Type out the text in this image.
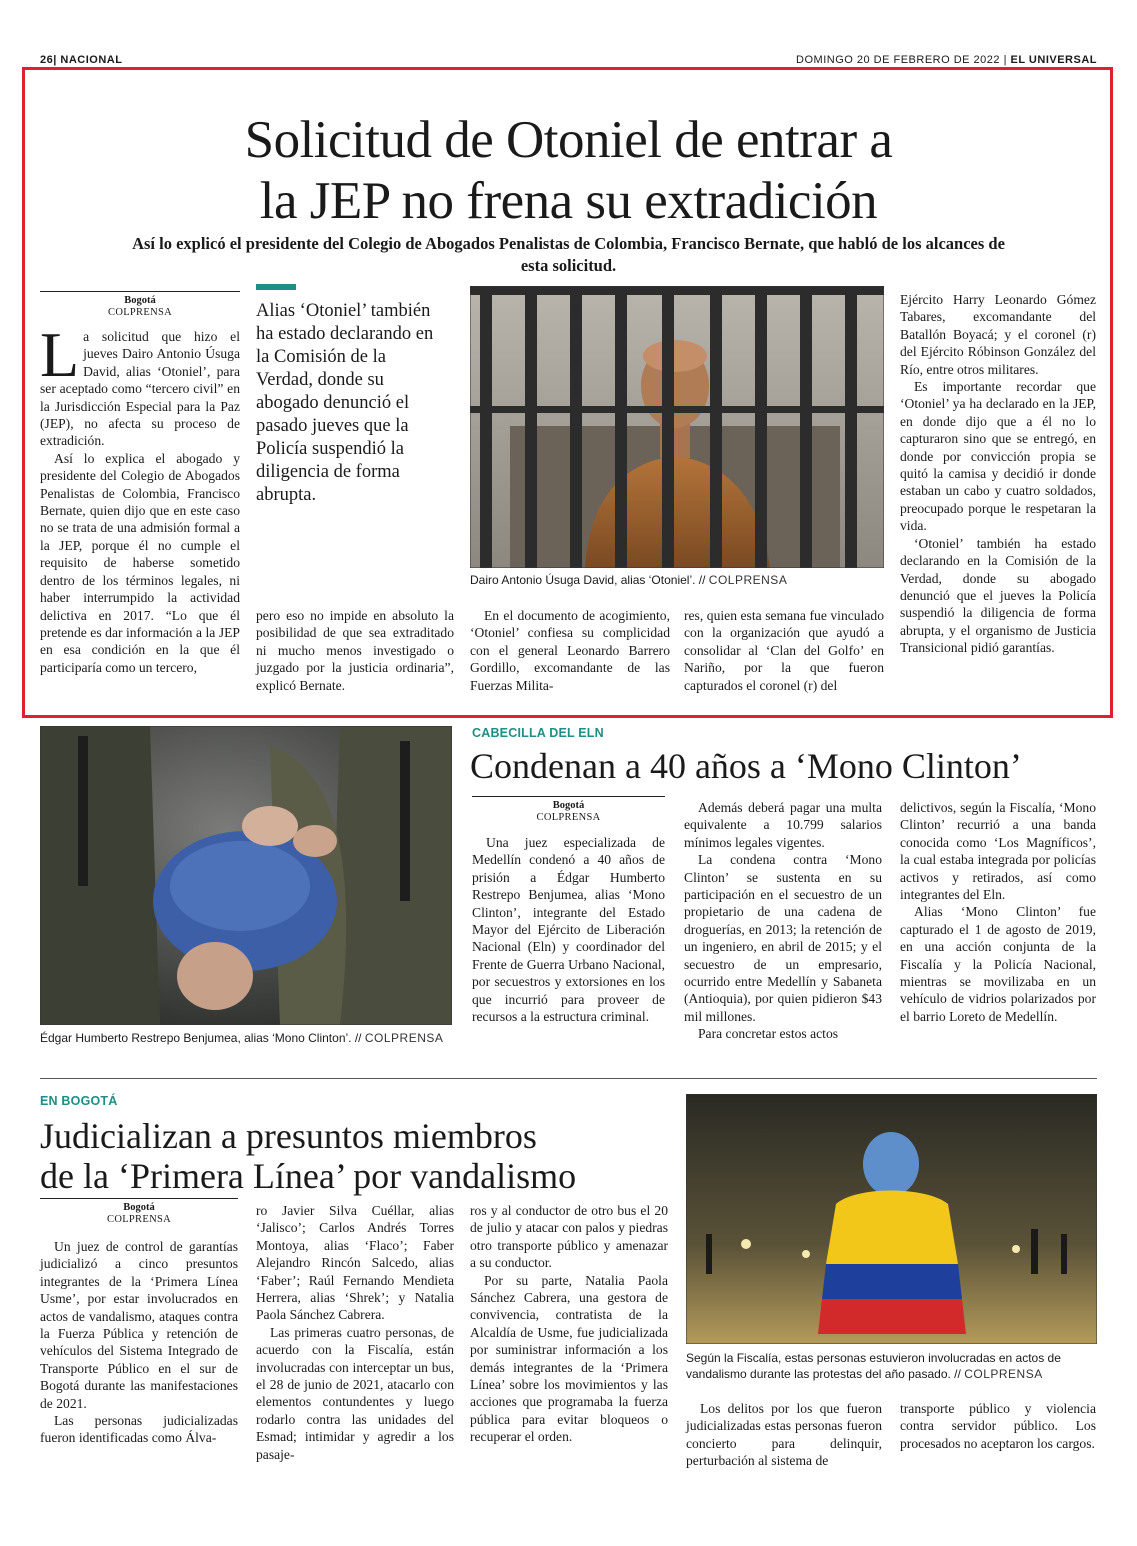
26| NACIONAL	DOMINGO 20 DE FEBRERO DE 2022 | EL UNIVERSAL
Solicitud de Otoniel de entrar a
la JEP no frena su extradición
Así lo explicó el presidente del Colegio de Abogados Penalistas de Colombia, Francisco Bernate, que habló de los alcances de esta solicitud.
Bogotá
COLPRENSA

La solicitud que hizo el jueves Dairo Antonio Úsuga David, alias ‘Otoniel’, para ser aceptado como “tercero civil” en la Jurisdicción Especial para la Paz (JEP), no afecta su proceso de extradición.

Así lo explica el abogado y presidente del Colegio de Abogados Penalistas de Colombia, Francisco Bernate, quien dijo que en este caso no se trata de una admisión formal a la JEP, porque él no cumple el requisito de haberse sometido dentro de los términos legales, ni haber interrumpido la actividad delictiva en 2017. “Lo que él pretende es dar información a la JEP en esa condición en la que él participaría como un tercero,

Alias ‘Otoniel’ también ha estado declarando en la Comisión de la Verdad, donde su abogado denunció el pasado jueves que la Policía suspendió la diligencia de forma abrupta.

pero eso no impide en absoluto la posibilidad de que sea extraditado ni mucho menos investigado o juzgado por la justicia ordinaria”, explicó Bernate.

Dairo Antonio Úsuga David, alias ‘Otoniel’. // COLPRENSA

En el documento de acogimiento, ‘Otoniel’ confiesa su complicidad con el general Leonardo Barrero Gordillo, excomandante de las Fuerzas Milita-

res, quien esta semana fue vinculado con la organización que ayudó a consolidar al ‘Clan del Golfo’ en Nariño, por la que fueron capturados el coronel (r) del

Ejército Harry Leonardo Gómez Tabares, excomandante del Batallón Boyacá; y el coronel (r) del Ejército Róbinson González del Río, entre otros militares.

Es importante recordar que ‘Otoniel’ ya ha declarado en la JEP, en donde dijo que a él no lo capturaron sino que se entregó, en donde por convicción propia se quitó la camisa y decidió ir donde estaban un cabo y cuatro soldados, preocupado porque le respetaran la vida.

‘Otoniel’ también ha estado declarando en la Comisión de la Verdad, donde su abogado denunció que el jueves la Policía suspendió la diligencia de forma abrupta, y el organismo de Justicia Transicional pidió garantías.

Édgar Humberto Restrepo Benjumea, alias ‘Mono Clinton’. // COLPRENSA
CABECILLA DEL ELN
Condenan a 40 años a ‘Mono Clinton’
Bogotá
COLPRENSA

Una juez especializada de Medellín condenó a 40 años de prisión a Édgar Humberto Restrepo Benjumea, alias ‘Mono Clinton’, integrante del Estado Mayor del Ejército de Liberación Nacional (Eln) y coordinador del Frente de Guerra Urbano Nacional, por secuestros y extorsiones en los que incurrió para proveer de recursos a la estructura criminal.

Además deberá pagar una multa equivalente a 10.799 salarios mínimos legales vigentes.

La condena contra ‘Mono Clinton’ se sustenta en su participación en el secuestro de un propietario de una cadena de droguerías, en 2013; la retención de un ingeniero, en abril de 2015; y el secuestro de un empresario, ocurrido entre Medellín y Sabaneta (Antioquia), por quien pidieron $43 mil millones.

Para concretar estos actos

delictivos, según la Fiscalía, ‘Mono Clinton’ recurrió a una banda conocida como ‘Los Magníficos’, la cual estaba integrada por policías activos y retirados, así como integrantes del Eln.

Alias ‘Mono Clinton’ fue capturado el 1 de agosto de 2019, en una acción conjunta de la Fiscalía y la Policía Nacional, mientras se movilizaba en un vehículo de vidrios polarizados por el barrio Loreto de Medellín.

EN BOGOTÁ
Judicializan a presuntos miembros
de la ‘Primera Línea’ por vandalismo
Bogotá
COLPRENSA

Un juez de control de garantías judicializó a cinco presuntos integrantes de la ‘Primera Línea Usme’, por estar involucrados en actos de vandalismo, ataques contra la Fuerza Pública y retención de vehículos del Sistema Integrado de Transporte Público en el sur de Bogotá durante las manifestaciones de 2021.

Las personas judicializadas fueron identificadas como Álva-

ro Javier Silva Cuéllar, alias ‘Jalisco’; Carlos Andrés Torres Montoya, alias ‘Flaco’; Faber Alejandro Rincón Salcedo, alias ‘Faber’; Raúl Fernando Mendieta Herrera, alias ‘Shrek’; y Natalia Paola Sánchez Cabrera.

Las primeras cuatro personas, de acuerdo con la Fiscalía, están involucradas con interceptar un bus, el 28 de junio de 2021, atacarlo con elementos contundentes y luego rodarlo contra las unidades del Esmad; intimidar y agredir a los pasaje-

ros y al conductor de otro bus el 20 de julio y atacar con palos y piedras otro transporte público y amenazar a su conductor.

Por su parte, Natalia Paola Sánchez Cabrera, una gestora de convivencia, contratista de la Alcaldía de Usme, fue judicializada por suministrar información a los demás integrantes de la ‘Primera Línea’ sobre los movimientos y las acciones que programaba la fuerza pública para evitar bloqueos o recuperar el orden.

Según la Fiscalía, estas personas estuvieron involucradas en actos de vandalismo durante las protestas del año pasado. // COLPRENSA

Los delitos por los que fueron judicializadas estas personas fueron concierto para delinquir, perturbación al sistema de

transporte público y violencia contra servidor público. Los procesados no aceptaron los cargos.
